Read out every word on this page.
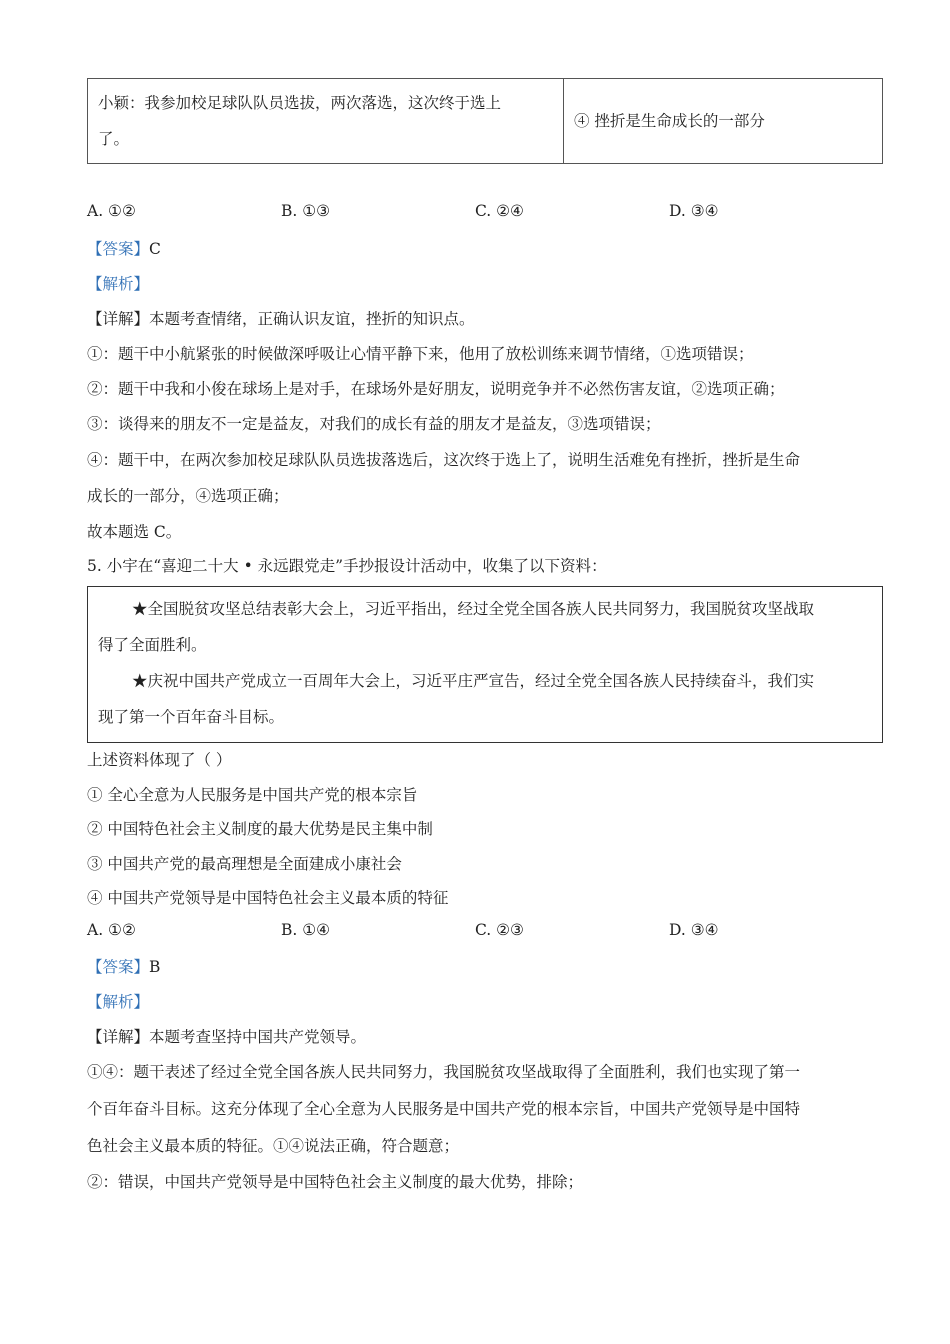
小颖：我参加校足球队队员选拔，两次落选，这次终于选上
了。
	④ 挫折是生命成长的一部分
A. ①②	B. ①③	C. ②④	D. ③④
【答案】C
【解析】
【详解】本题考查情绪，正确认识友谊，挫折的知识点。
①：题干中小航紧张的时候做深呼吸让心情平静下来，他用了放松训练来调节情绪，①选项错误；
②：题干中我和小俊在球场上是对手，在球场外是好朋友，说明竞争并不必然伤害友谊，②选项正确；
③：谈得来的朋友不一定是益友，对我们的成长有益的朋友才是益友，③选项错误；
④：题干中，在两次参加校足球队队员选拔落选后，这次终于选上了，说明生活难免有挫折，挫折是生命
成长的一部分，④选项正确；
故本题选 C。
5. 小宇在“喜迎二十大 • 永远跟党走”手抄报设计活动中，收集了以下资料：
★全国脱贫攻坚总结表彰大会上，习近平指出，经过全党全国各族人民共同努力，我国脱贫攻坚战取
得了全面胜利。
★庆祝中国共产党成立一百周年大会上，习近平庄严宣告，经过全党全国各族人民持续奋斗，我们实
现了第一个百年奋斗目标。
上述资料体现了（ ）
① 全心全意为人民服务是中国共产党的根本宗旨
② 中国特色社会主义制度的最大优势是民主集中制
③ 中国共产党的最高理想是全面建成小康社会
④ 中国共产党领导是中国特色社会主义最本质的特征
A. ①②	B. ①④	C. ②③	D. ③④
【答案】B
【解析】
【详解】本题考查坚持中国共产党领导。
①④：题干表述了经过全党全国各族人民共同努力，我国脱贫攻坚战取得了全面胜利，我们也实现了第一
个百年奋斗目标。这充分体现了全心全意为人民服务是中国共产党的根本宗旨，中国共产党领导是中国特
色社会主义最本质的特征。①④说法正确，符合题意；
②：错误，中国共产党领导是中国特色社会主义制度的最大优势，排除；
